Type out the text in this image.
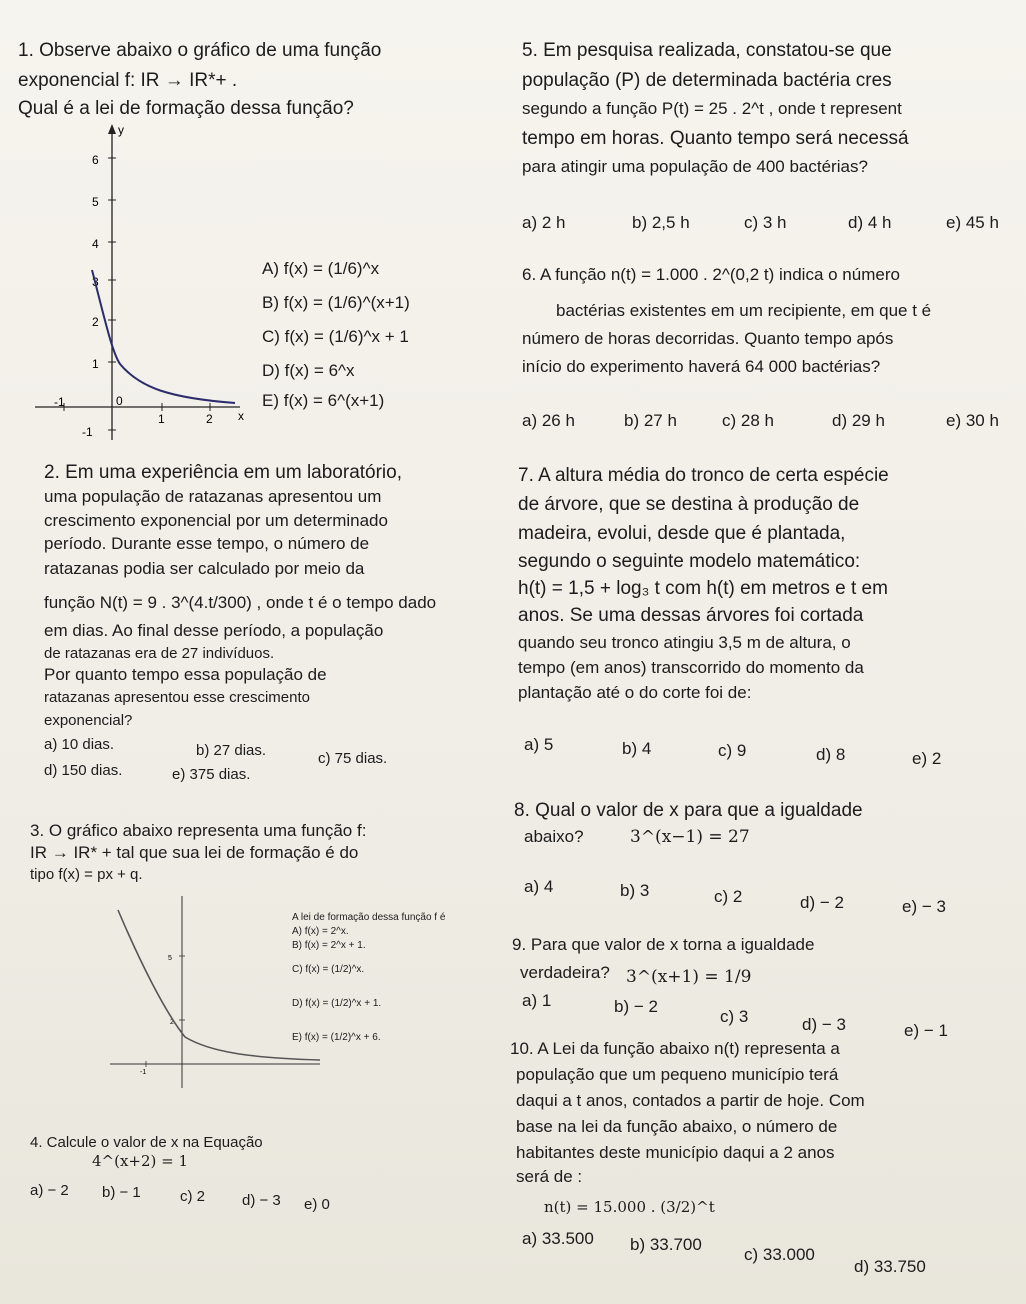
1. Observe abaixo o gráfico de uma função
exponencial f: IR → IR*+ .
Qual é a lei de formação dessa função?
y
x
6
5
4
3
2
1
-1
-1	0
1	2
A) f(x) = (1/6)^x
B) f(x) = (1/6)^(x+1)
C) f(x) = (1/6)^x + 1
D) f(x) = 6^x
E) f(x) = 6^(x+1)
2. Em uma experiência em um laboratório,
uma população de ratazanas apresentou um
crescimento exponencial por um determinado
período. Durante esse tempo, o número de
ratazanas podia ser calculado por meio da
função N(t) = 9 . 3^(4.t/300) , onde t é o tempo dado
em dias. Ao final desse período, a população
de ratazanas era de 27 indivíduos.
Por quanto tempo essa população de
ratazanas apresentou esse crescimento
exponencial?
a) 10 dias.	b) 27 dias.	c) 75 dias.
d) 150 dias.	e) 375 dias.
3. O gráfico abaixo representa uma função f:
IR → IR* + tal que sua lei de formação é do
tipo f(x) = px + q.
5
2
-1
A lei de formação dessa função f é
A) f(x) = 2^x.
B) f(x) = 2^x + 1.
C) f(x) = (1/2)^x.
D) f(x) = (1/2)^x + 1.
E) f(x) = (1/2)^x + 6.
4. Calcule o valor de x na Equação
4^(x+2) = 1
a) − 2 b) − 1	c) 2 d) − 3 e) 0
5. Em pesquisa realizada, constatou-se que
população (P) de determinada bactéria cres
segundo a função P(t) = 25 . 2^t , onde t represent
tempo em horas. Quanto tempo será necessá
para atingir uma população de 400 bactérias?
a) 2 h	b) 2,5 h	c) 3 h	d) 4 h	e) 45 h
6. A função n(t) = 1.000 . 2^(0,2 t) indica o número
bactérias existentes em um recipiente, em que t é
número de horas decorridas. Quanto tempo após
início do experimento haverá 64 000 bactérias?
a) 26 h	b) 27 h	c) 28 h	d) 29 h	e) 30 h
7. A altura média do tronco de certa espécie
de árvore, que se destina à produção de
madeira, evolui, desde que é plantada,
segundo o seguinte modelo matemático:
h(t) = 1,5 + log₃ t com h(t) em metros e t em
anos. Se uma dessas árvores foi cortada
quando seu tronco atingiu 3,5 m de altura, o
tempo (em anos) transcorrido do momento da
plantação até o do corte foi de:
a) 5	b) 4	c) 9	d) 8	e) 2
8. Qual o valor de x para que a igualdade
abaixo?	3^(x−1) = 27
a) 4	b) 3	c) 2	d) − 2	e) − 3
9. Para que valor de x torna a igualdade
verdadeira? 3^(x+1) = 1/9
a) 1	b) − 2
c) 3	d) − 3	e) − 1
10. A Lei da função abaixo n(t) representa a
população que um pequeno município terá
daqui a t anos, contados a partir de hoje. Com
base na lei da função abaixo, o número de
habitantes deste município daqui a 2 anos
será de :
n(t) = 15.000 . (3/2)^t
a) 33.500 b) 33.700
c) 33.000
d) 33.750
